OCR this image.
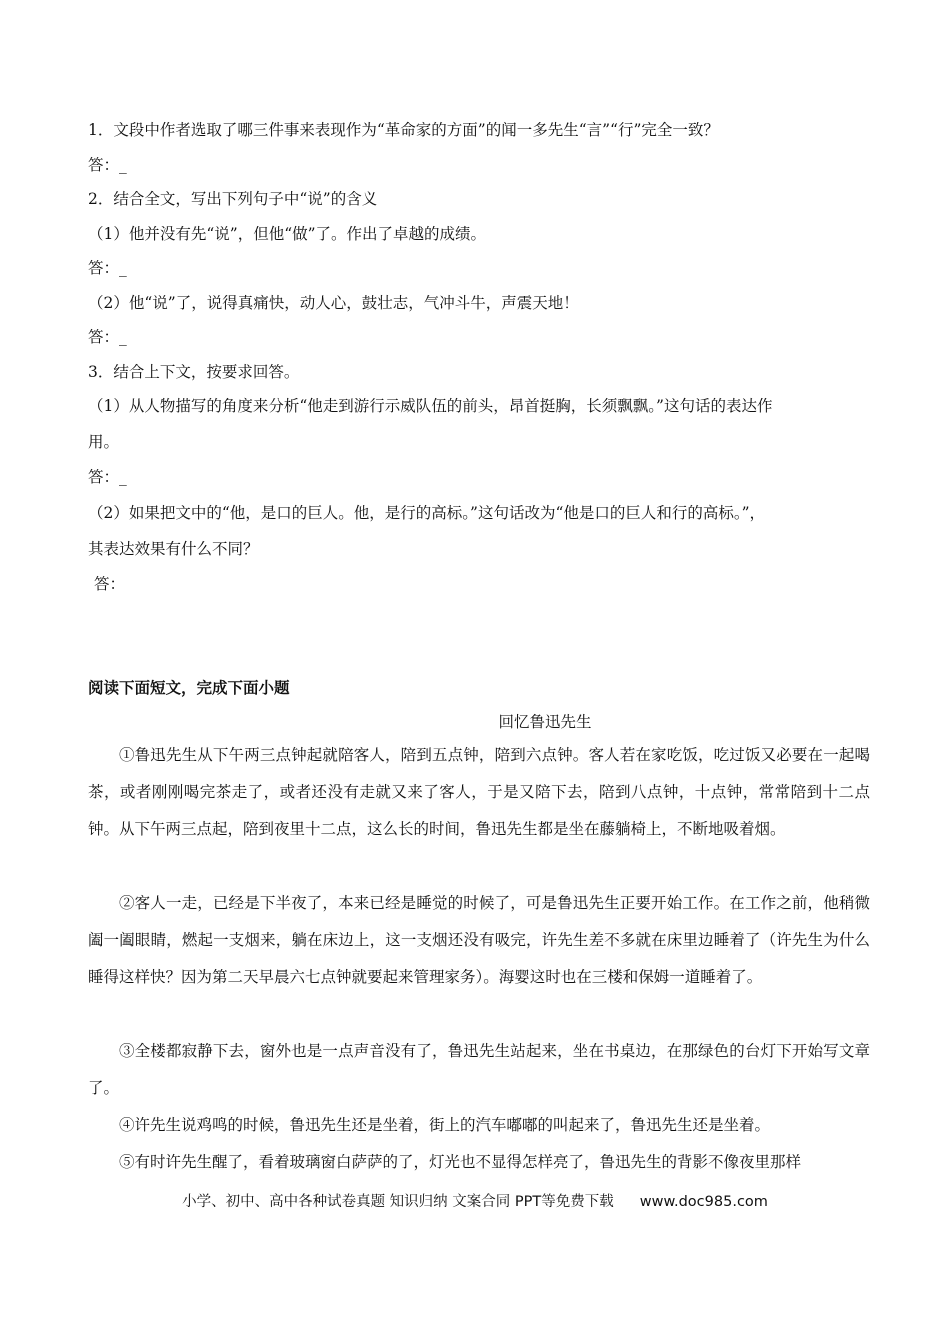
1．文段中作者选取了哪三件事来表现作为“革命家的方面”的闻一多先生“言”“行”完全一致？
答：_
2．结合全文，写出下列句子中“说”的含义
（1）他并没有先“说”，但他“做”了。作出了卓越的成绩。
答：_
（2）他“说”了，说得真痛快，动人心，鼓壮志，气冲斗牛，声震天地！
答：_
3．结合上下文，按要求回答。
（1）从人物描写的角度来分析“他走到游行示威队伍的前头，昂首挺胸，长须飘飘。”这句话的表达作
用。
答：_
（2）如果把文中的“他，是口的巨人。他，是行的高标。”这句话改为“他是口的巨人和行的高标。”，
其表达效果有什么不同？
答：
阅读下面短文，完成下面小题
回忆鲁迅先生

①鲁迅先生从下午两三点钟起就陪客人，陪到五点钟，陪到六点钟。客人若在家吃饭，吃过饭又必要在一起喝茶，或者刚刚喝完茶走了，或者还没有走就又来了客人，于是又陪下去，陪到八点钟，十点钟，常常陪到十二点钟。从下午两三点起，陪到夜里十二点，这么长的时间，鲁迅先生都是坐在藤躺椅上，不断地吸着烟。

②客人一走，已经是下半夜了，本来已经是睡觉的时候了，可是鲁迅先生正要开始工作。在工作之前，他稍微阖一阖眼睛，燃起一支烟来，躺在床边上，这一支烟还没有吸完，许先生差不多就在床里边睡着了（许先生为什么睡得这样快？因为第二天早晨六七点钟就要起来管理家务）。海婴这时也在三楼和保姆一道睡着了。

③全楼都寂静下去，窗外也是一点声音没有了，鲁迅先生站起来，坐在书桌边，在那绿色的台灯下开始写文章了。

④许先生说鸡鸣的时候，鲁迅先生还是坐着，街上的汽车嘟嘟的叫起来了，鲁迅先生还是坐着。

⑤有时许先生醒了，看着玻璃窗白萨萨的了，灯光也不显得怎样亮了，鲁迅先生的背影不像夜里那样

小学、初中、高中各种试卷真题 知识归纳 文案合同 PPT等免费下载 www.doc985.com
